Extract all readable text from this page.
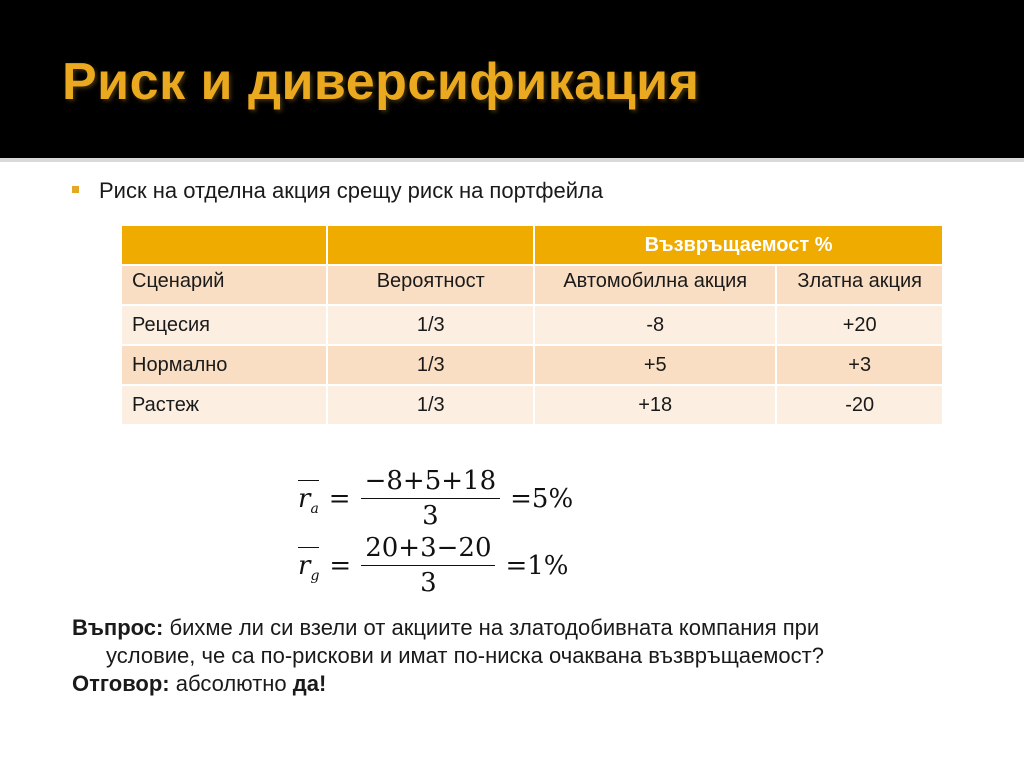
Риск и диверсификация
Риск на отделна акция срещу риск на портфейла
		Възвръщаемост %	
Сценарий	Вероятност	Автомобилна акция	Златна акция
Рецесия	1/3	-8	+20
Нормално	1/3	+5	+3
Растеж	1/3	+18	-20
$r_a = \frac{-8+5+18}{3} =5\%$
$r_g = \frac{20+3-20}{3} =1\%$
Въпрос: бихме ли си взели от акциите на златодобивната компания при
условие, че са по-рискови и имат по-ниска очаквана възвръщаемост?
Отговор: абсолютно да!
